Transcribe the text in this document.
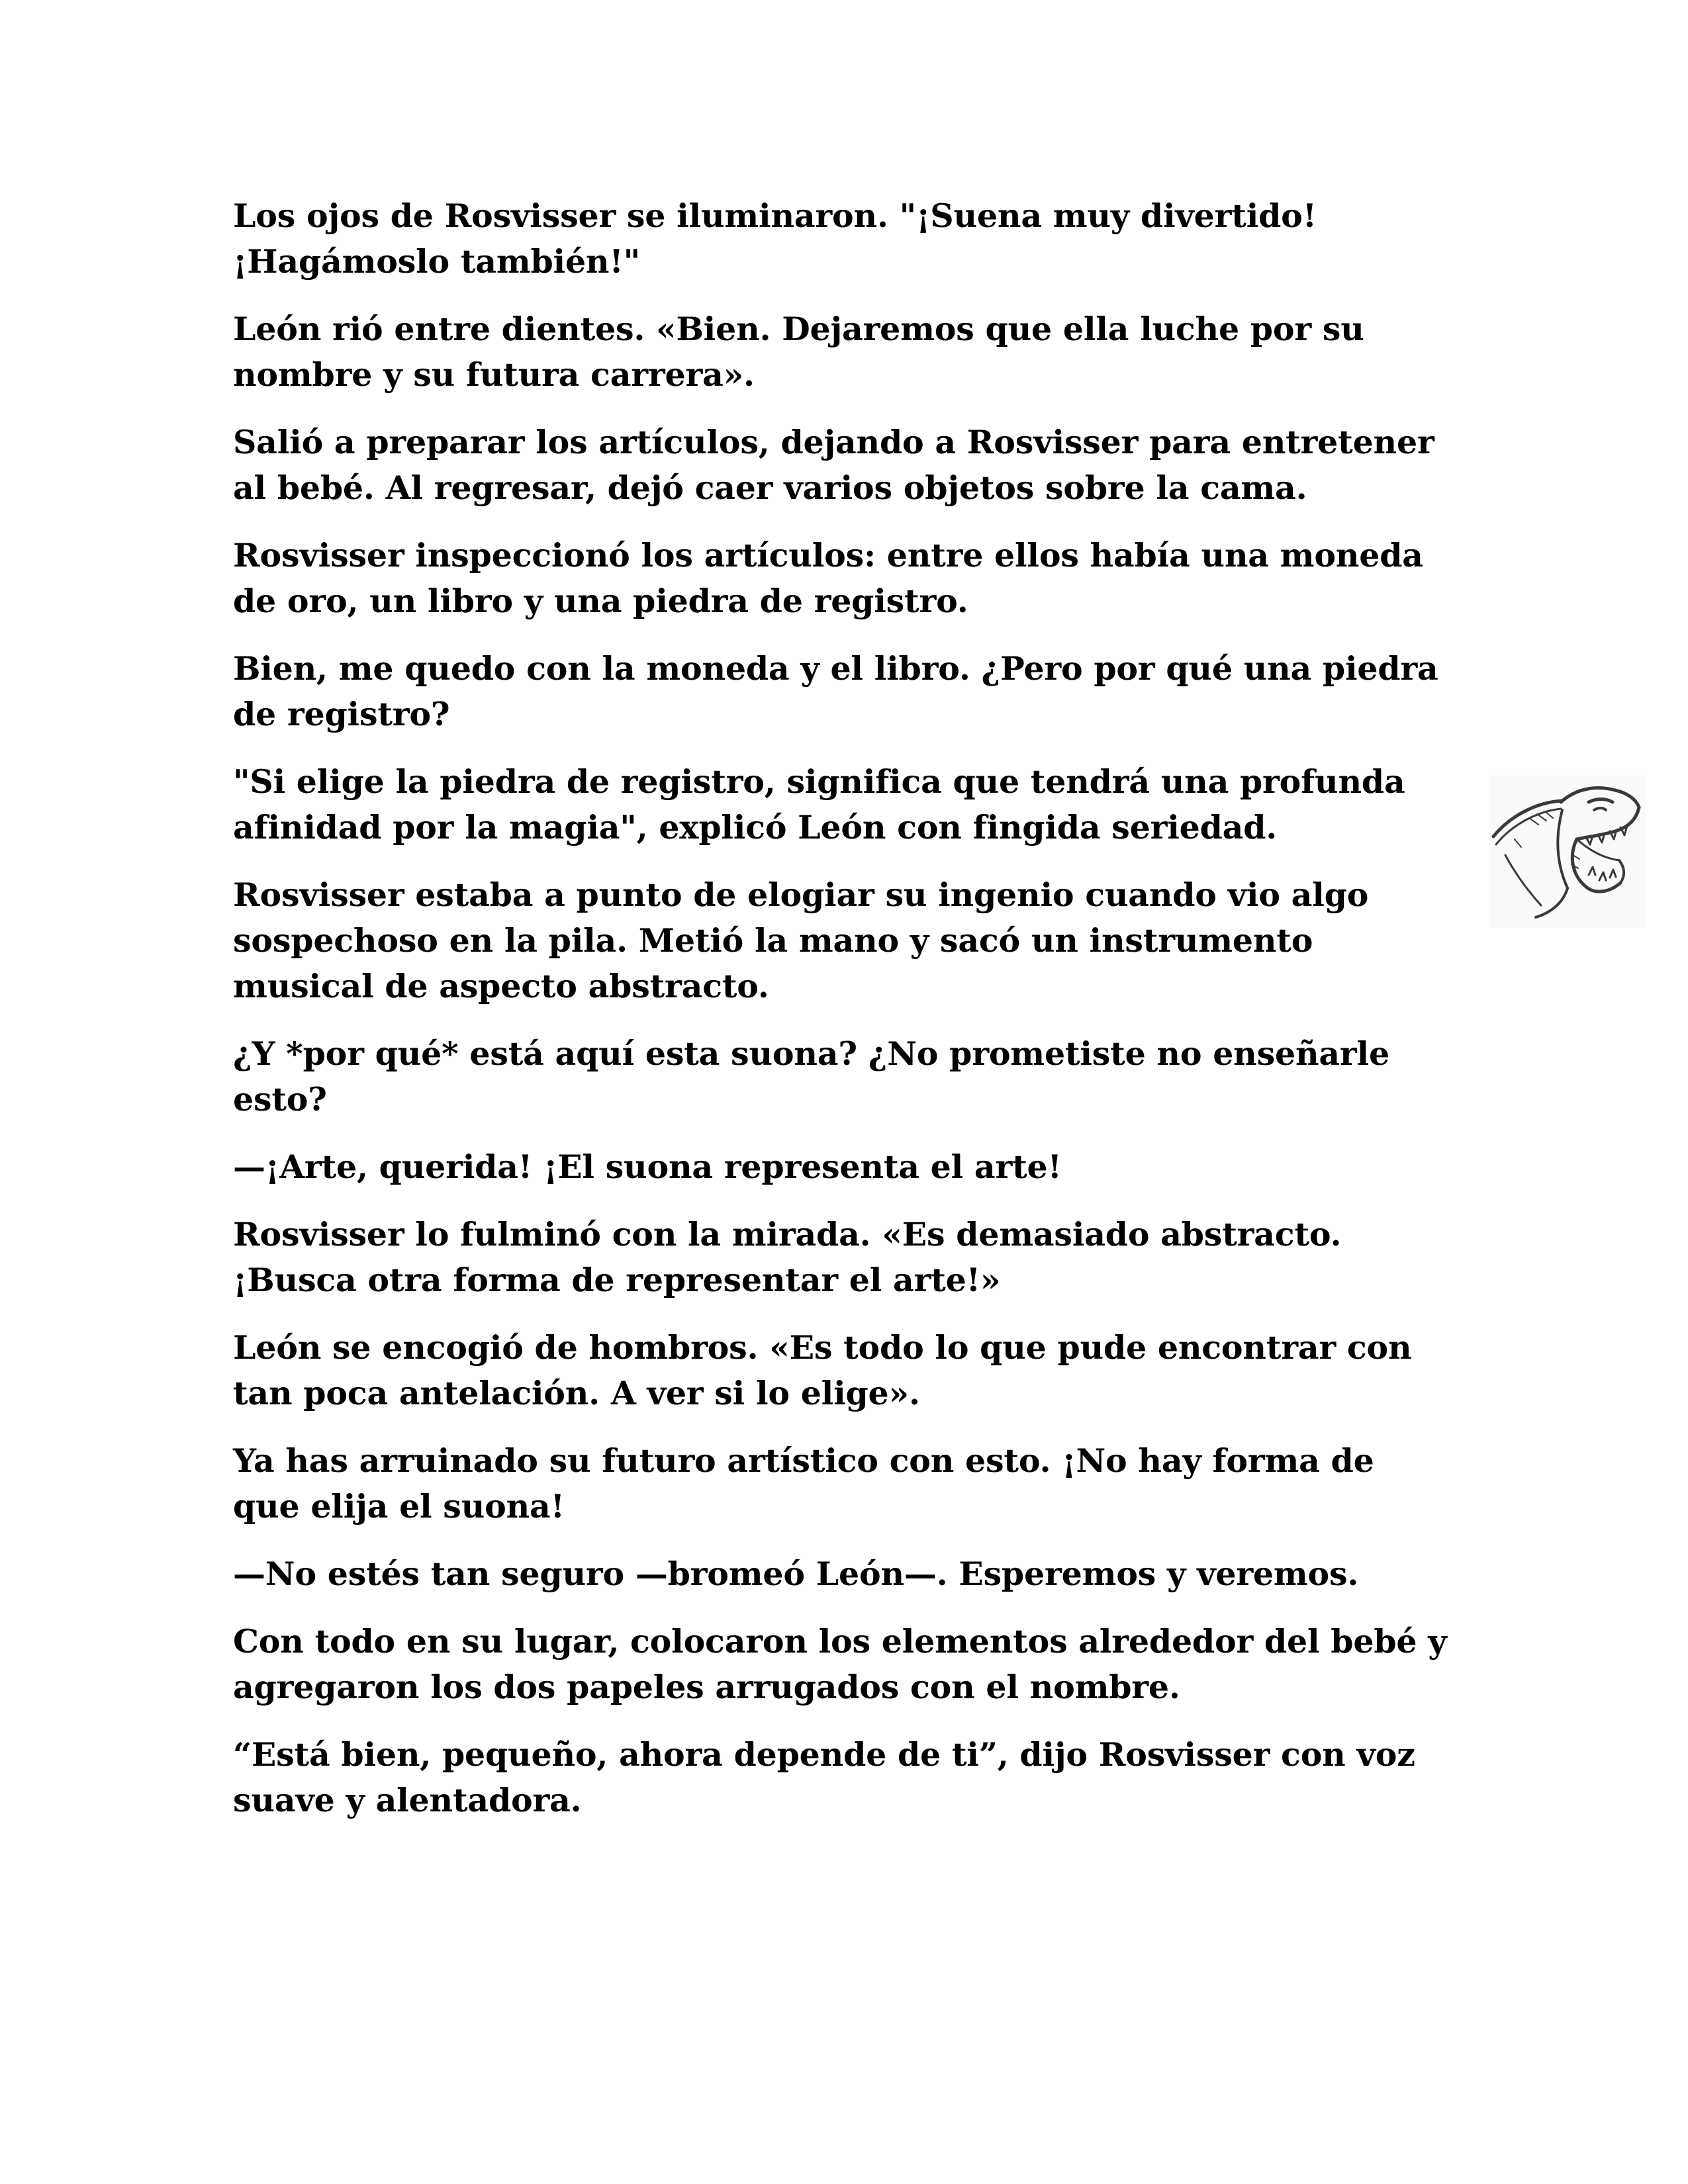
Los ojos de Rosvisser se iluminaron. "¡Suena muy divertido! ¡Hagámoslo también!"

León rió entre dientes. «Bien. Dejaremos que ella luche por su nombre y su futura carrera».

Salió a preparar los artículos, dejando a Rosvisser para entretener al bebé. Al regresar, dejó caer varios objetos sobre la cama.

Rosvisser inspeccionó los artículos: entre ellos había una moneda de oro, un libro y una piedra de registro.

Bien, me quedo con la moneda y el libro. ¿Pero por qué una piedra de registro?

"Si elige la piedra de registro, significa que tendrá una profunda afinidad por la magia", explicó León con fingida seriedad.

Rosvisser estaba a punto de elogiar su ingenio cuando vio algo sospechoso en la pila. Metió la mano y sacó un instrumento musical de aspecto abstracto.

¿Y *por qué* está aquí esta suona? ¿No prometiste no enseñarle esto?

—¡Arte, querida! ¡El suona representa el arte!

Rosvisser lo fulminó con la mirada. «Es demasiado abstracto. ¡Busca otra forma de representar el arte!»

León se encogió de hombros. «Es todo lo que pude encontrar con tan poca antelación. A ver si lo elige».

Ya has arruinado su futuro artístico con esto. ¡No hay forma de que elija el suona!

—No estés tan seguro —bromeó León—. Esperemos y veremos.

Con todo en su lugar, colocaron los elementos alrededor del bebé y agregaron los dos papeles arrugados con el nombre.

“Está bien, pequeño, ahora depende de ti”, dijo Rosvisser con voz suave y alentadora.
